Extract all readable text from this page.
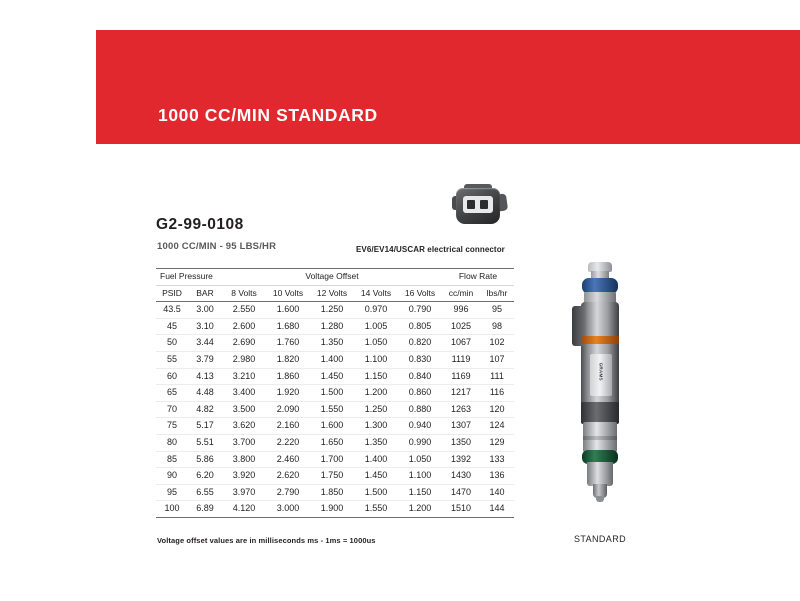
1000 CC/MIN STANDARD
G2-99-0108
1000 CC/MIN - 95 LBS/HR	EV6/EV14/USCAR electrical connector
Fuel Pressure		Voltage Offset					Flow Rate	
PSID	BAR	8 Volts	10 Volts	12 Volts	14 Volts	16 Volts	cc/min	lbs/hr
43.5	3.00	2.550	1.600	1.250	0.970	0.790	996	95
45	3.10	2.600	1.680	1.280	1.005	0.805	1025	98
50	3.44	2.690	1.760	1.350	1.050	0.820	1067	102
55	3.79	2.980	1.820	1.400	1.100	0.830	1119	107
60	4.13	3.210	1.860	1.450	1.150	0.840	1169	111
65	4.48	3.400	1.920	1.500	1.200	0.860	1217	116
70	4.82	3.500	2.090	1.550	1.250	0.880	1263	120
75	5.17	3.620	2.160	1.600	1.300	0.940	1307	124
80	5.51	3.700	2.220	1.650	1.350	0.990	1350	129
85	5.86	3.800	2.460	1.700	1.400	1.050	1392	133
90	6.20	3.920	2.620	1.750	1.450	1.100	1430	136
95	6.55	3.970	2.790	1.850	1.500	1.150	1470	140
100	6.89	4.120	3.000	1.900	1.550	1.200	1510	144
Voltage offset values are in milliseconds ms - 1ms = 1000us
GRAMS
STANDARD
